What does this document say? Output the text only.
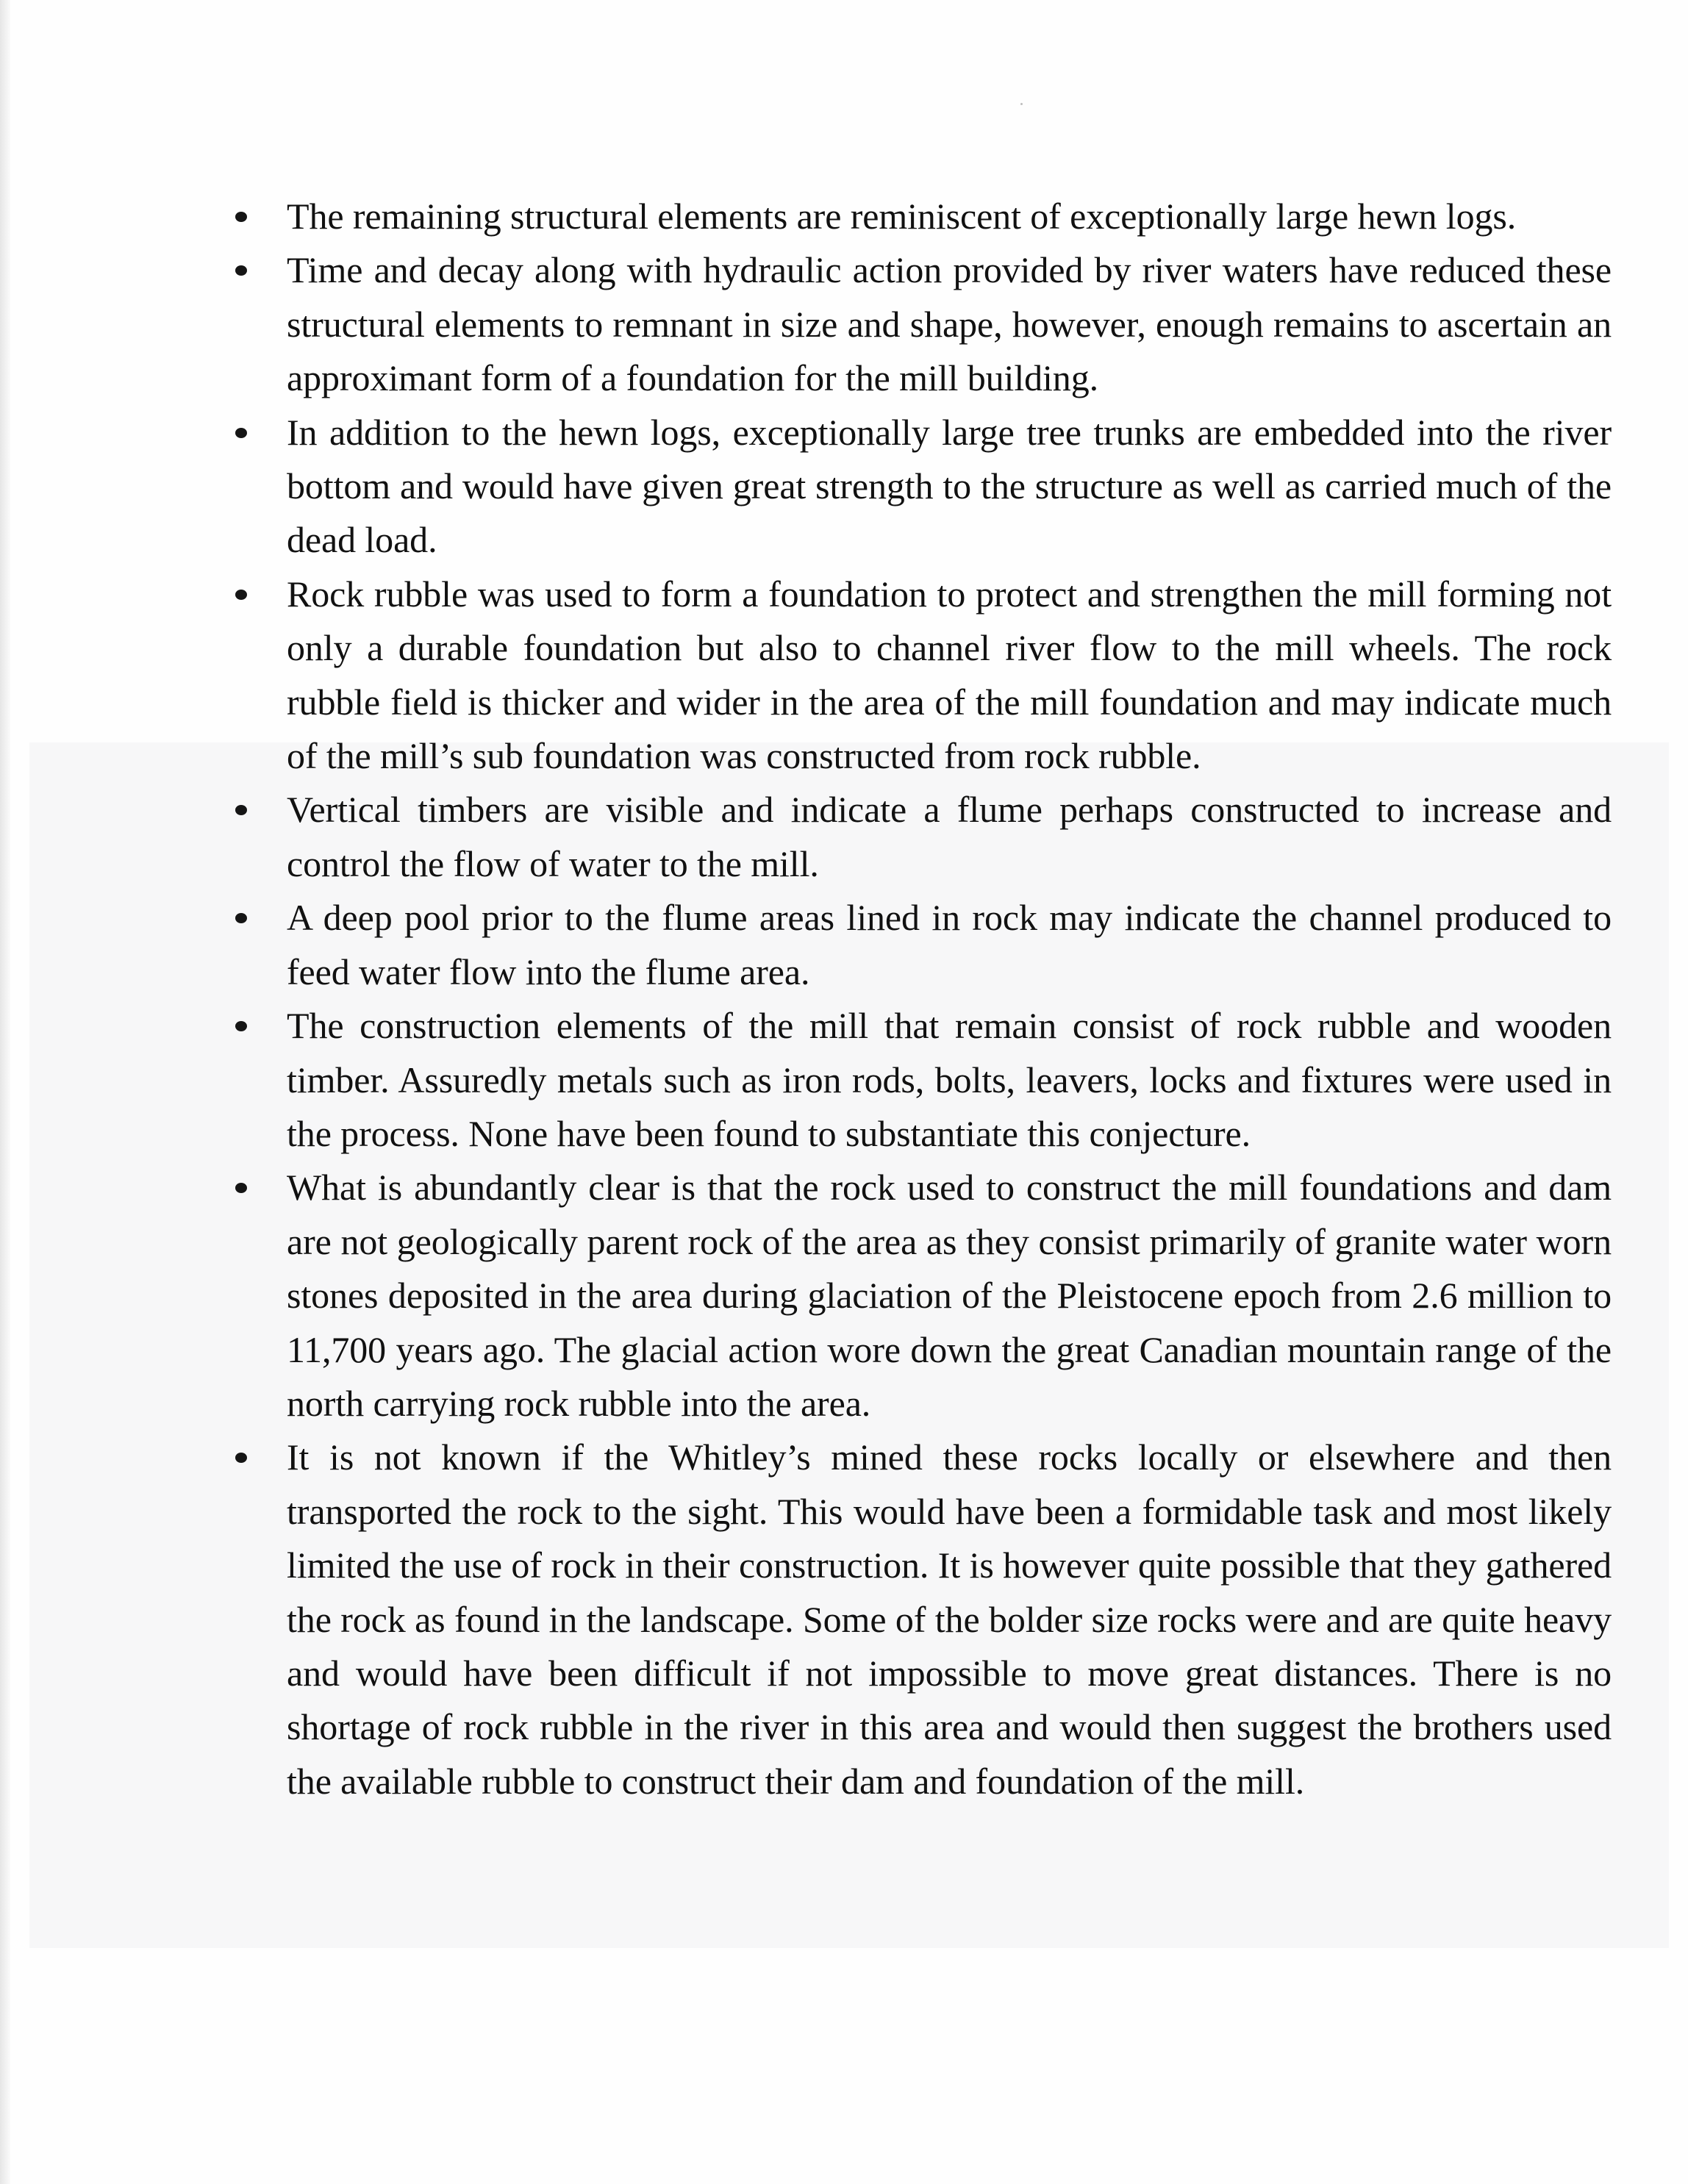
The remaining structural elements are reminiscent of exceptionally large hewn logs.
Time and decay along with hydraulic action provided by river waters have reduced these structural elements to remnant in size and shape, however, enough remains to ascertain an approximant form of a foundation for the mill building.
In addition to the hewn logs, exceptionally large tree trunks are embedded into the river bottom and would have given great strength to the structure as well as carried much of the dead load.
Rock rubble was used to form a foundation to protect and strengthen the mill forming not only a durable foundation but also to channel river flow to the mill wheels. The rock rubble field is thicker and wider in the area of the mill foundation and may indicate much of the mill’s sub foundation was constructed from rock rubble.
Vertical timbers are visible and indicate a flume perhaps constructed to increase and control the flow of water to the mill.
A deep pool prior to the flume areas lined in rock may indicate the channel produced to feed water flow into the flume area.
The construction elements of the mill that remain consist of rock rubble and wooden timber. Assuredly metals such as iron rods, bolts, leavers, locks and fixtures were used in the process. None have been found to substantiate this conjecture.
What is abundantly clear is that the rock used to construct the mill foundations and dam are not geologically parent rock of the area as they consist primarily of granite water worn stones deposited in the area during glaciation of the Pleistocene epoch from 2.6 million to 11,700 years ago. The glacial action wore down the great Canadian mountain range of the north carrying rock rubble into the area.
It is not known if the Whitley’s mined these rocks locally or elsewhere and then transported the rock to the sight. This would have been a formidable task and most likely limited the use of rock in their construction. It is however quite possible that they gathered the rock as found in the landscape. Some of the bolder size rocks were and are quite heavy and would have been difficult if not impossible to move great distances. There is no shortage of rock rubble in the river in this area and would then suggest the brothers used the available rubble to construct their dam and foundation of the mill.
